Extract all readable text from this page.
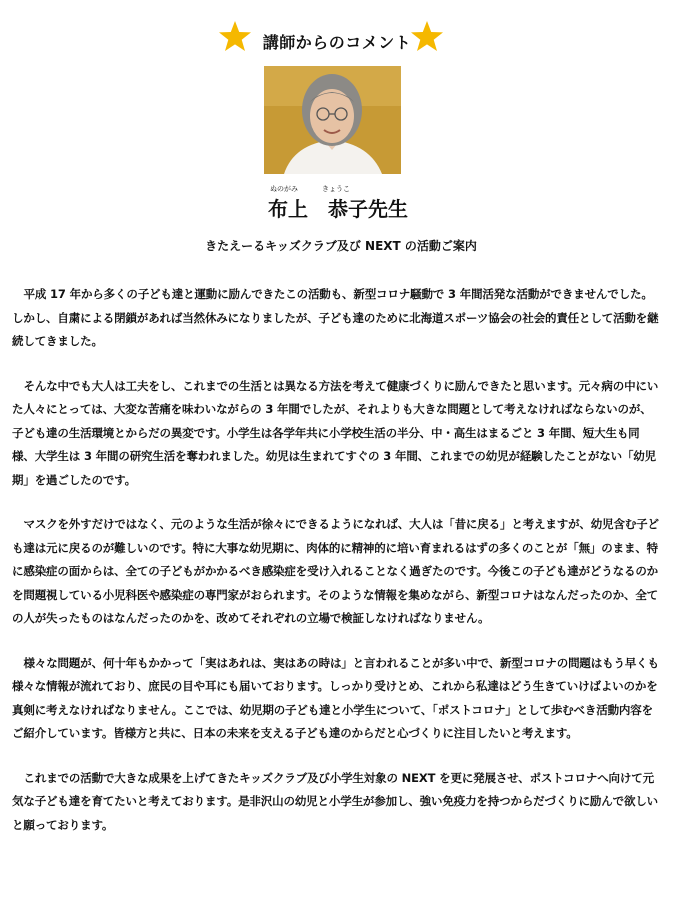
講師からのコメント
ぬのがみ	きょうこ
布上　恭子先生
きたえーるキッズクラブ及び NEXT の活動ご案内

平成 17 年から多くの子ども達と運動に励んできたこの活動も、新型コロナ騒動で 3 年間活発な活動ができませんでした。しかし、自粛による閉鎖があれば当然休みになりましたが、子ども達のために北海道スポーツ協会の社会的責任として活動を継続してきました。

そんな中でも大人は工夫をし、これまでの生活とは異なる方法を考えて健康づくりに励んできたと思います。元々病の中にいた人々にとっては、大変な苦痛を味わいながらの 3 年間でしたが、それよりも大きな問題として考えなければならないのが、子ども達の生活環境とからだの異変です。小学生は各学年共に小学校生活の半分、中・高生はまるごと 3 年間、短大生も同様、大学生は 3 年間の研究生活を奪われました。幼児は生まれてすぐの 3 年間、これまでの幼児が経験したことがない「幼児期」を過ごしたのです。

マスクを外すだけではなく、元のような生活が徐々にできるようになれば、大人は「昔に戻る」と考えますが、幼児含む子ども達は元に戻るのが難しいのです。特に大事な幼児期に、肉体的に精神的に培い育まれるはずの多くのことが「無」のまま、特に感染症の面からは、全ての子どもがかかるべき感染症を受け入れることなく過ぎたのです。今後この子ども達がどうなるのかを問題視している小児科医や感染症の専門家がおられます。そのような情報を集めながら、新型コロナはなんだったのか、全ての人が失ったものはなんだったのかを、改めてそれぞれの立場で検証しなければなりません。

様々な問題が、何十年もかかって「実はあれは、実はあの時は」と言われることが多い中で、新型コロナの問題はもう早くも様々な情報が流れており、庶民の目や耳にも届いております。しっかり受けとめ、これから私達はどう生きていけばよいのかを真剣に考えなければなりません。ここでは、幼児期の子ども達と小学生について、「ポストコロナ」として歩むべき活動内容をご紹介しています。皆様方と共に、日本の未来を支える子ども達のからだと心づくりに注目したいと考えます。

これまでの活動で大きな成果を上げてきたキッズクラブ及び小学生対象の NEXT を更に発展させ、ポストコロナへ向けて元気な子ども達を育てたいと考えております。是非沢山の幼児と小学生が参加し、強い免疫力を持つからだづくりに励んで欲しいと願っております。
